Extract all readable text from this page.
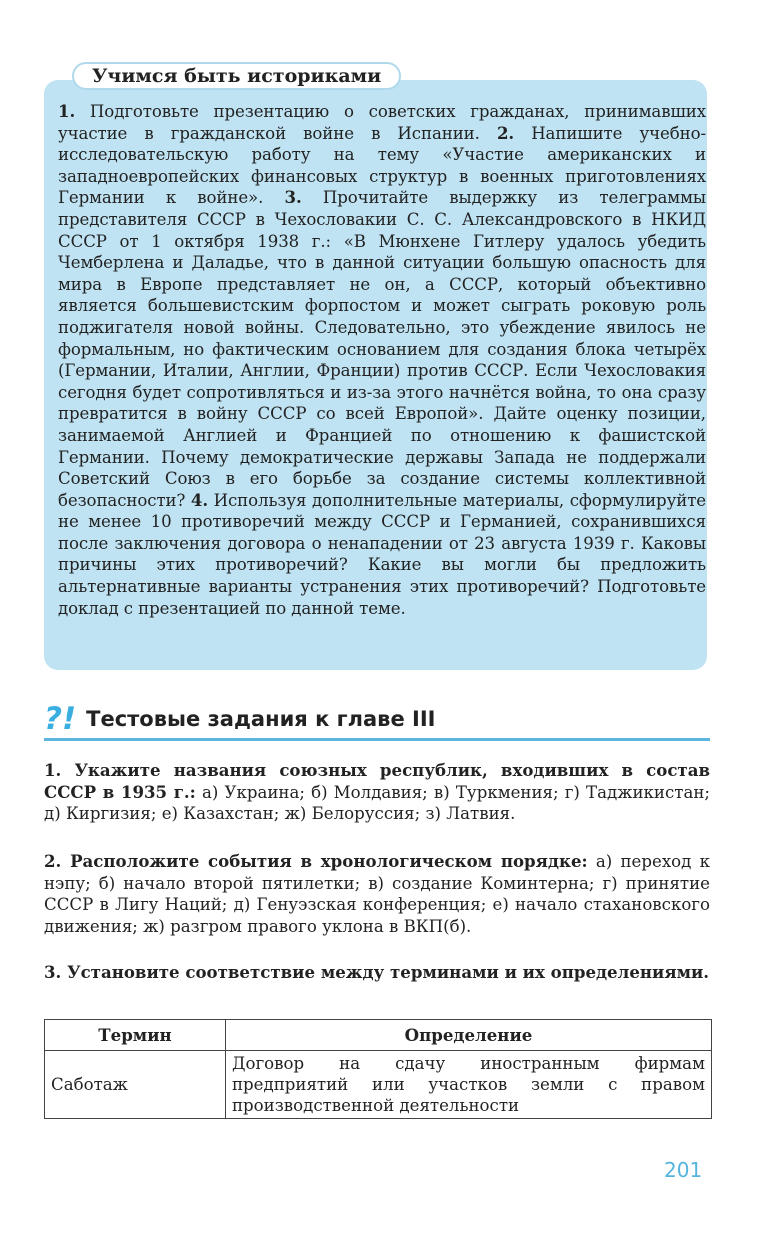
Учимся быть историками

1. Подготовьте презентацию о советских гражданах, принимавших участие в гражданской войне в Испании. 2. Напишите учебно-исследовательскую работу на тему «Участие американских и западноевропейских финансовых структур в военных приготовлениях Германии к войне». 3. Прочитайте выдержку из телеграммы представителя СССР в Чехословакии С. С. Александровского в НКИД СССР от 1 октября 1938 г.: «В Мюнхене Гитлеру удалось убедить Чемберлена и Даладье, что в данной ситуации большую опасность для мира в Европе представляет не он, а СССР, который объективно является большевистским форпостом и может сыграть роковую роль поджигателя новой войны. Следовательно, это убеждение явилось не формальным, но фактическим основанием для создания блока четырёх (Германии, Италии, Англии, Франции) против СССР. Если Чехословакия сегодня будет сопротивляться и из-за этого начнётся война, то она сразу превратится в войну СССР со всей Европой». Дайте оценку позиции, занимаемой Англией и Францией по отношению к фашистской Германии. Почему демократические державы Запада не поддержали Советский Союз в его борьбе за создание системы коллективной безопасности? 4. Используя дополнительные материалы, сформулируйте не менее 10 противоречий между СССР и Германией, сохранившихся после заключения договора о ненападении от 23 августа 1939 г. Каковы причины этих противоречий? Какие вы могли бы предложить альтернативные варианты устранения этих противоречий? Подготовьте доклад с презентацией по данной теме.

?! Тестовые задания к главе III

1. Укажите названия союзных республик, входивших в состав СССР в 1935 г.: а) Украина; б) Молдавия; в) Туркмения; г) Таджикистан; д) Киргизия; е) Казахстан; ж) Белоруссия; з) Латвия.

2. Расположите события в хронологическом порядке: а) переход к нэпу; б) начало второй пятилетки; в) создание Коминтерна; г) принятие СССР в Лигу Наций; д) Генуэзская конференция; е) начало стахановского движения; ж) разгром правого уклона в ВКП(б).

3. Установите соответствие между терминами и их определениями.

Термин	Определение
Саботаж	Договор на сдачу иностранным фирмам предприятий или участков земли с правом производственной деятельности
201
